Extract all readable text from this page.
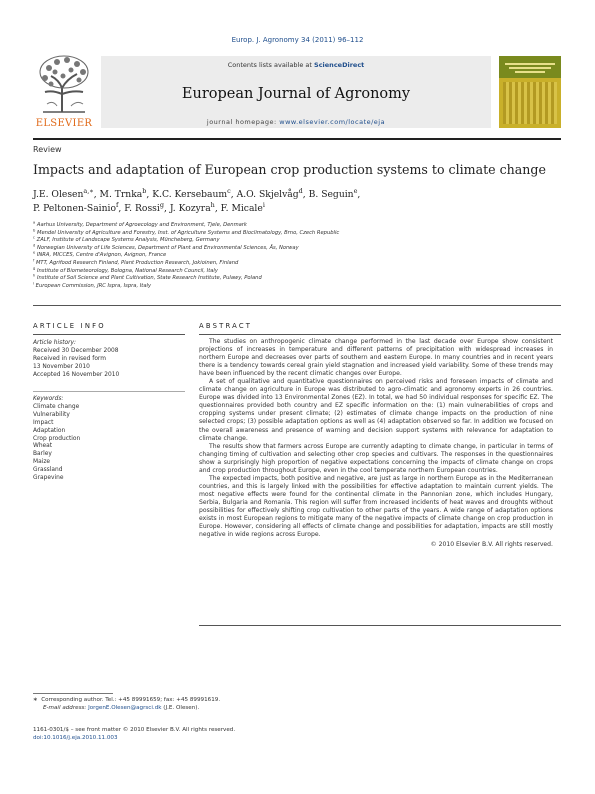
Europ. J. Agronomy 34 (2011) 96–112
ELSEVIER
Contents lists available at ScienceDirect
European Journal of Agronomy
journal homepage: www.elsevier.com/locate/eja
Review
Impacts and adaptation of European crop production systems to climate change
J.E. Olesen$^{a,∗}$, M. Trnka$^b$, K.C. Kersebaum$^c$, A.O. Skjelvåg$^d$, B. Seguin$^e$,
P. Peltonen-Sainio$^f$, F. Rossi$^g$, J. Kozyra$^h$, F. Micale$^i$
$^a$ Aarhus University, Department of Agroecology and Environment, Tjele, Denmark
$^b$ Mendel University of Agriculture and Forestry, Inst. of Agriculture Systems and Bioclimatology, Brno, Czech Republic
$^c$ ZALF, Institute of Landscape Systems Analysis, Müncheberg, Germany
$^d$ Norwegian University of Life Sciences, Department of Plant and Environmental Sciences, Ås, Norway
$^e$ INRA, MICCES, Centre d'Avignon, Avignon, France
$^f$ MTT, Agrifood Research Finland, Plant Production Research, Jokioinen, Finland
$^g$ Institute of Biometeorology, Bologna, National Research Council, Italy
$^h$ Institute of Soil Science and Plant Cultivation, State Research Institute, Pulawy, Poland
$^i$ European Commission, JRC Ispra, Ispra, Italy
ARTICLE INFO
Article history:
Received 30 December 2008
Received in revised form
13 November 2010
Accepted 16 November 2010
Keywords:
Climate change
Vulnerability
Impact
Adaptation
Crop production
Wheat
Barley
Maize
Grassland
Grapevine
ABSTRACT

The studies on anthropogenic climate change performed in the last decade over Europe show consistent projections of increases in temperature and different patterns of precipitation with widespread increases in northern Europe and decreases over parts of southern and eastern Europe. In many countries and in recent years there is a tendency towards cereal grain yield stagnation and increased yield variability. Some of these trends may have been influenced by the recent climatic changes over Europe.

A set of qualitative and quantitative questionnaires on perceived risks and foreseen impacts of climate and climate change on agriculture in Europe was distributed to agro-climatic and agronomy experts in 26 countries. Europe was divided into 13 Environmental Zones (EZ). In total, we had 50 individual responses for specific EZ. The questionnaires provided both country and EZ specific information on the: (1) main vulnerabilities of crops and cropping systems under present climate; (2) estimates of climate change impacts on the production of nine selected crops; (3) possible adaptation options as well as (4) adaptation observed so far. In addition we focused on the overall awareness and presence of warning and decision support systems with relevance for adaptation to climate change.

The results show that farmers across Europe are currently adapting to climate change, in particular in terms of changing timing of cultivation and selecting other crop species and cultivars. The responses in the questionnaires show a surprisingly high proportion of negative expectations concerning the impacts of climate change on crops and crop production throughout Europe, even in the cool temperate northern European countries.

The expected impacts, both positive and negative, are just as large in northern Europe as in the Mediterranean countries, and this is largely linked with the possibilities for effective adaptation to maintain current yields. The most negative effects were found for the continental climate in the Pannonian zone, which includes Hungary, Serbia, Bulgaria and Romania. This region will suffer from increased incidents of heat waves and droughts without possibilities for effectively shifting crop cultivation to other parts of the years. A wide range of adaptation options exists in most European regions to mitigate many of the negative impacts of climate change on crop production in Europe. However, considering all effects of climate change and possibilities for adaptation, impacts are still mostly negative in wide regions across Europe.

© 2010 Elsevier B.V. All rights reserved.
∗ Corresponding author. Tel.: +45 89991659; fax: +45 89991619.
E-mail address: JorgenE.Olesen@agrsci.dk (J.E. Olesen).
1161-0301/$ – see front matter © 2010 Elsevier B.V. All rights reserved.
doi:10.1016/j.eja.2010.11.003
